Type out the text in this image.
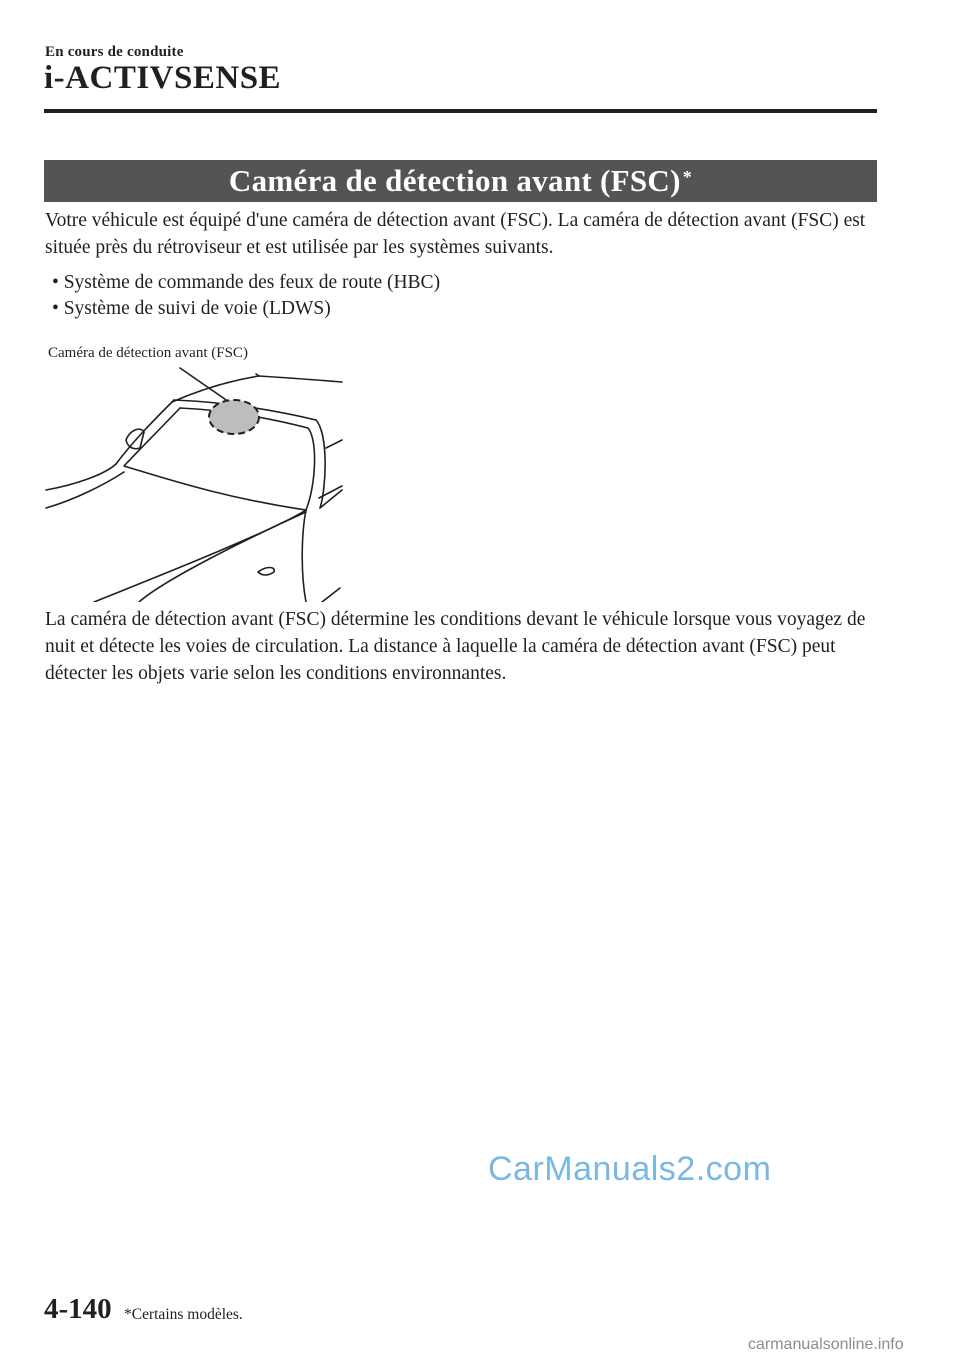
En cours de conduite
i-ACTIVSENSE
Caméra de détection avant (FSC)*

Votre véhicule est équipé d'une caméra de détection avant (FSC). La caméra de détection avant (FSC) est située près du rétroviseur et est utilisée par les systèmes suivants.

• Système de commande des feux de route (HBC)
• Système de suivi de voie (LDWS)
Caméra de détection avant (FSC)

La caméra de détection avant (FSC) détermine les conditions devant le véhicule lorsque vous voyagez de nuit et détecte les voies de circulation. La distance à laquelle la caméra de détection avant (FSC) peut détecter les objets varie selon les conditions environnantes.

CarManuals2.com
4-140 *Certains modèles.
carmanualsonline.info
